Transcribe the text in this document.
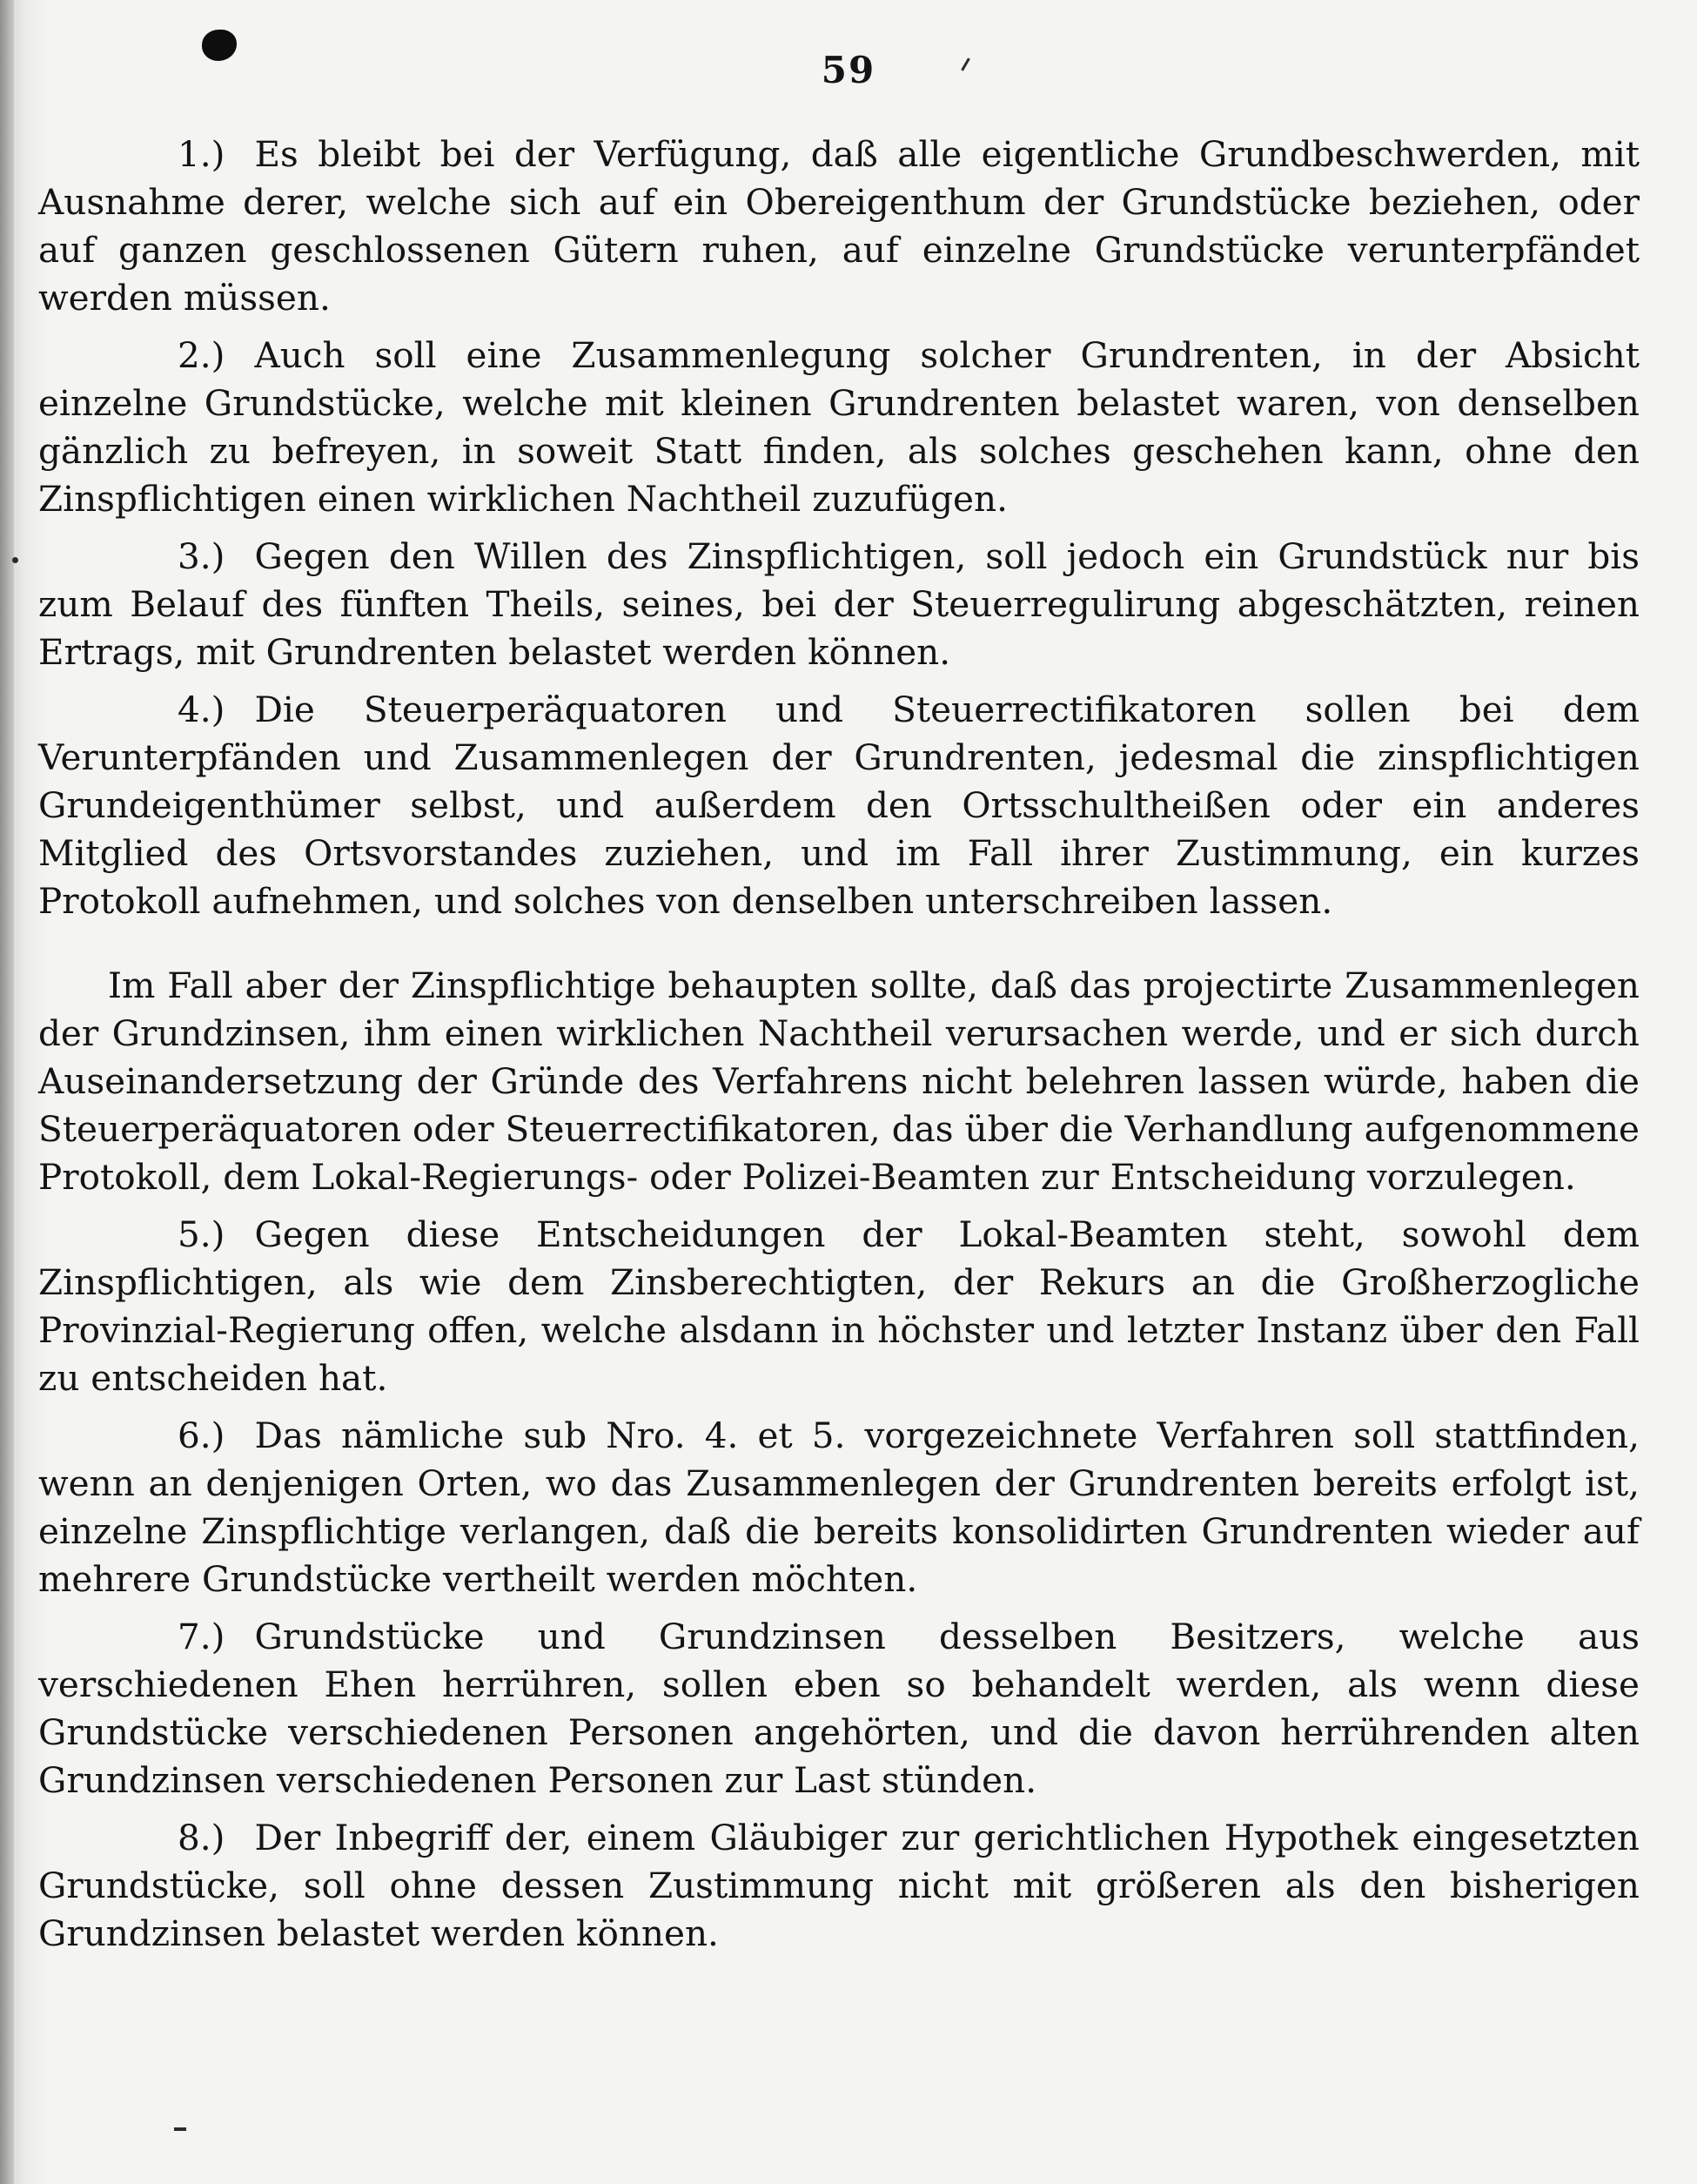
59

1.) Es bleibt bei der Verfügung, daß alle eigentliche Grundbeschwerden, mit Ausnahme derer, welche sich auf ein Obereigenthum der Grundstücke beziehen, oder auf ganzen geschlossenen Gütern ruhen, auf einzelne Grundstücke verunterpfändet werden müssen.

2.) Auch soll eine Zusammenlegung solcher Grundrenten, in der Absicht einzelne Grundstücke, welche mit kleinen Grundrenten belastet waren, von denselben gänzlich zu befreyen, in soweit Statt finden, als solches geschehen kann, ohne den Zinspflichtigen einen wirklichen Nachtheil zuzufügen.

3.) Gegen den Willen des Zinspflichtigen, soll jedoch ein Grundstück nur bis zum Belauf des fünften Theils, seines, bei der Steuerregulirung abgeschätzten, reinen Ertrags, mit Grundrenten belastet werden können.

4.) Die Steuerperäquatoren und Steuerrectifikatoren sollen bei dem Verunterpfänden und Zusammenlegen der Grundrenten, jedesmal die zinspflichtigen Grundeigenthümer selbst, und außerdem den Ortsschultheißen oder ein anderes Mitglied des Ortsvorstandes zuziehen, und im Fall ihrer Zustimmung, ein kurzes Protokoll aufnehmen, und solches von denselben unterschreiben lassen.

Im Fall aber der Zinspflichtige behaupten sollte, daß das projectirte Zusammenlegen der Grundzinsen, ihm einen wirklichen Nachtheil verursachen werde, und er sich durch Auseinandersetzung der Gründe des Verfahrens nicht belehren lassen würde, haben die Steuerperäquatoren oder Steuerrectifikatoren, das über die Verhandlung aufgenommene Protokoll, dem Lokal-Regierungs- oder Polizei-Beamten zur Entscheidung vorzulegen.

5.) Gegen diese Entscheidungen der Lokal-Beamten steht, sowohl dem Zinspflichtigen, als wie dem Zinsberechtigten, der Rekurs an die Großherzogliche Provinzial-Regierung offen, welche alsdann in höchster und letzter Instanz über den Fall zu entscheiden hat.

6.) Das nämliche sub Nro. 4. et 5. vorgezeichnete Verfahren soll stattfinden, wenn an denjenigen Orten, wo das Zusammenlegen der Grundrenten bereits erfolgt ist, einzelne Zinspflichtige verlangen, daß die bereits konsolidirten Grundrenten wieder auf mehrere Grundstücke vertheilt werden möchten.

7.) Grundstücke und Grundzinsen desselben Besitzers, welche aus verschiedenen Ehen herrühren, sollen eben so behandelt werden, als wenn diese Grundstücke verschiedenen Personen angehörten, und die davon herrührenden alten Grundzinsen verschiedenen Personen zur Last stünden.

8.) Der Inbegriff der, einem Gläubiger zur gerichtlichen Hypothek eingesetzten Grundstücke, soll ohne dessen Zustimmung nicht mit größeren als den bisherigen Grundzinsen belastet werden können.
